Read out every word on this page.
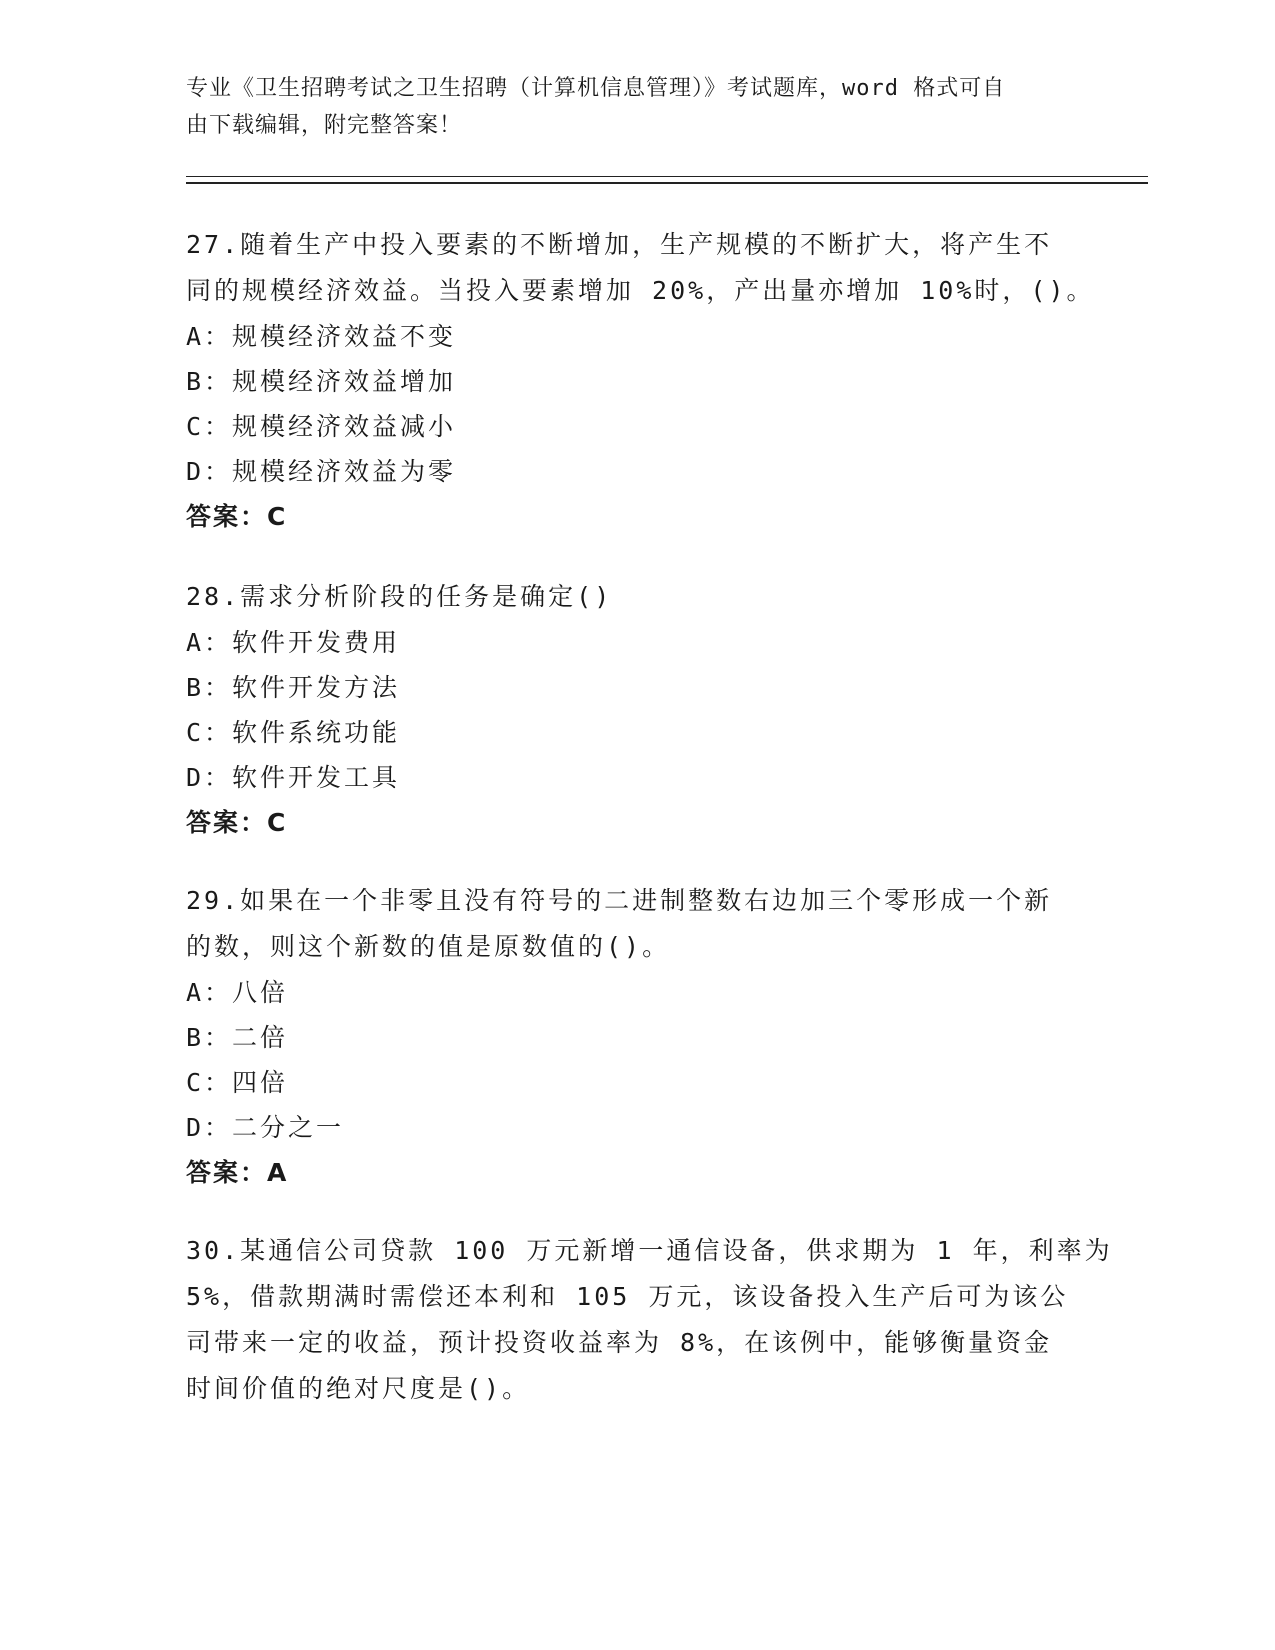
专业《卫生招聘考试之卫生招聘（计算机信息管理）》考试题库，word 格式可自
由下载编辑，附完整答案！
27.随着生产中投入要素的不断增加，生产规模的不断扩大，将产生不
同的规模经济效益。当投入要素增加 20%，产出量亦增加 10%时，()。
A：规模经济效益不变
B：规模经济效益增加
C：规模经济效益减小
D：规模经济效益为零
答案：C
28.需求分析阶段的任务是确定()
A：软件开发费用
B：软件开发方法
C：软件系统功能
D：软件开发工具
答案：C
29.如果在一个非零且没有符号的二进制整数右边加三个零形成一个新
的数，则这个新数的值是原数值的()。
A：八倍
B：二倍
C：四倍
D：二分之一
答案：A
30.某通信公司贷款 100 万元新增一通信设备，供求期为 1 年，利率为
5%，借款期满时需偿还本利和 105 万元，该设备投入生产后可为该公
司带来一定的收益，预计投资收益率为 8%，在该例中，能够衡量资金
时间价值的绝对尺度是()。
